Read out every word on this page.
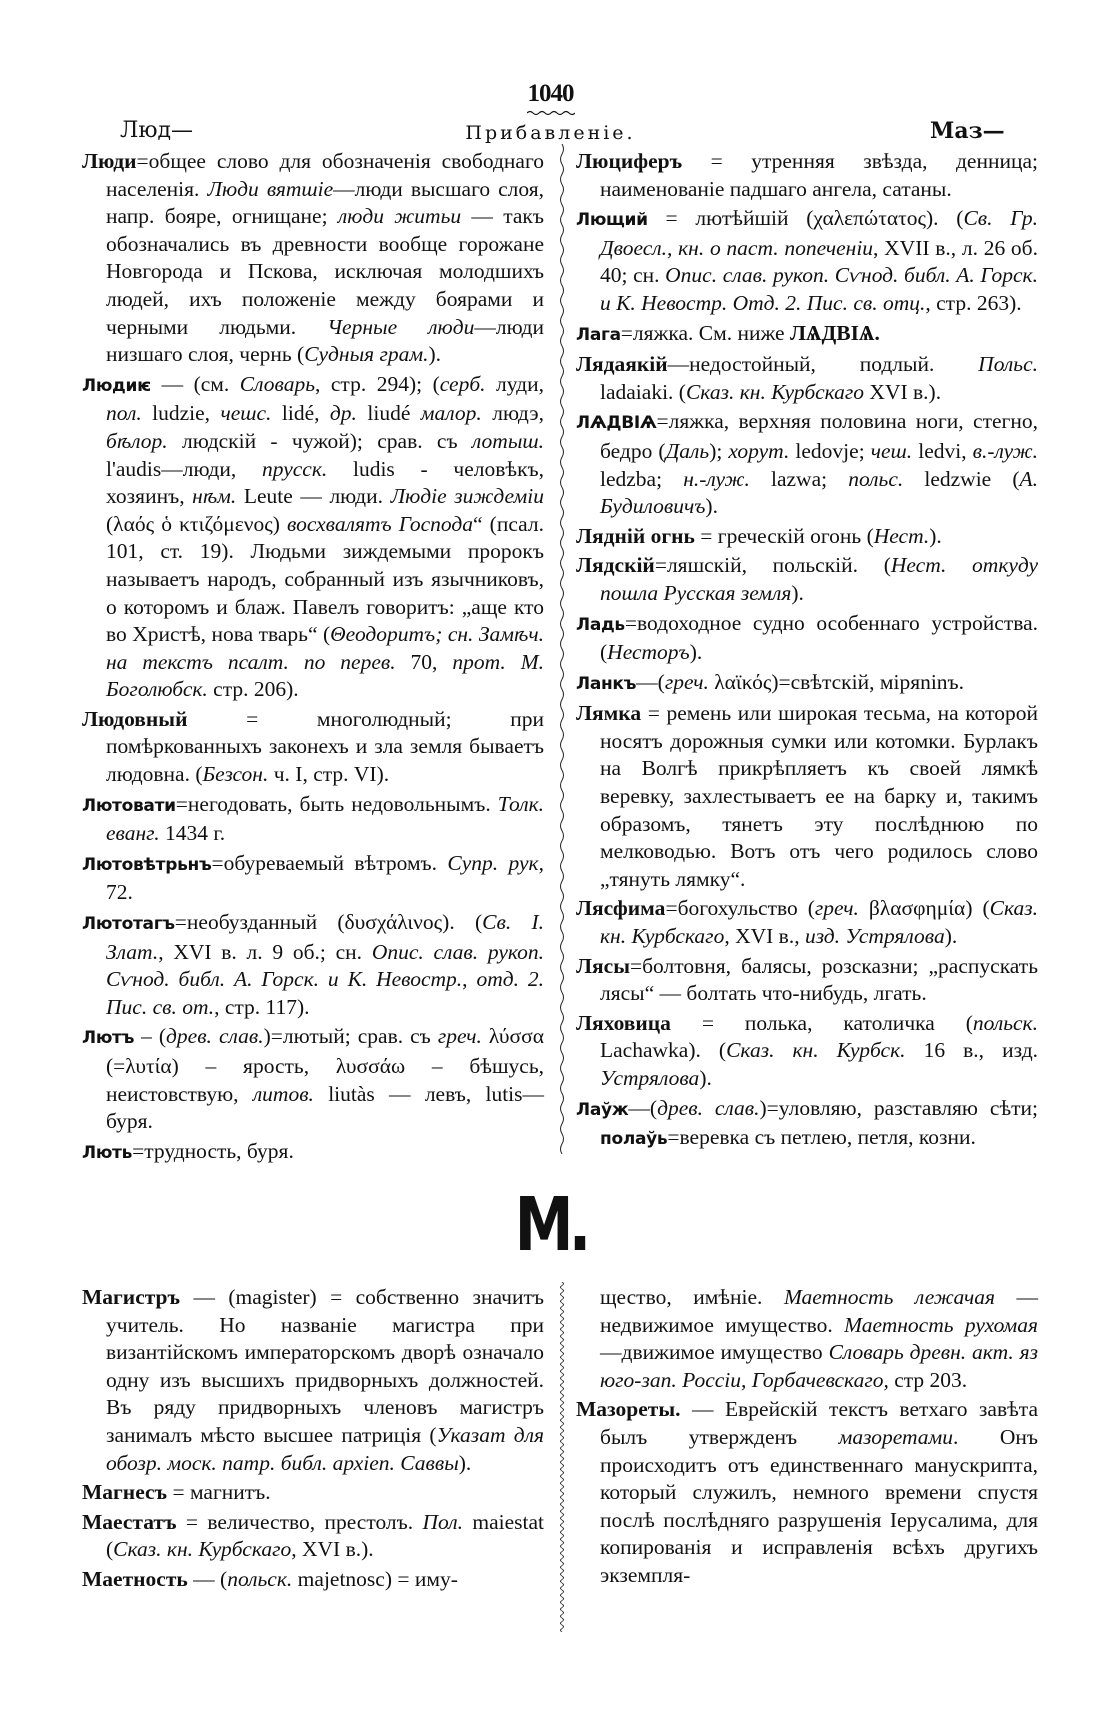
1040
Люд—	Прибавленіе.	Маз—

Люди=общее слово для обозначенія свободнаго населенія. Люди вятшіе—люди высшаго слоя, напр. бояре, огнищане; люди житьи — такъ обозначались въ древности вообще горожане Новгорода и Пскова, исключая молодшихъ людей, ихъ положеніе между боярами и черными людьми. Черные люди—люди низшаго слоя, чернь (Судныя грам.).

Людиѥ — (см. Словарь, стр. 294); (серб. луди, пол. ludzie, чешс. lidé, др. liudé малор. людэ, бѣлор. людскій - чужой); срав. съ лотыш. l'audis—люди, прусск. ludis - человѣкъ, хозяинъ, нѣм. Leute — люди. Людіе зиждеміи (λαός ὁ κτιζόμενος) восхвалятъ Господа“ (псал. 101, ст. 19). Людьми зиждемыми пророкъ называетъ народъ, собранный изъ язычниковъ, о которомъ и блаж. Павелъ говоритъ: „аще кто во Христѣ, нова тварь“ (Θеодоритъ; сн. Замѣч. на текстъ псалт. по перев. 70, прот. М. Боголюбск. стр. 206).

Людовный = многолюдный; при помѣркованныхъ законехъ и зла земля бываетъ людовна. (Безсон. ч. I, стр. VI).

Лютовати=негодовать, быть недовольнымъ. Толк. еванг. 1434 г.

Лютовѣтрьнъ=обуреваемый вѣтромъ. Супр. рук, 72.

Лютотагъ=необузданный (δυσχάλινος). (Св. I. Злат., XVI в. л. 9 об.; сн. Опис. слав. рукоп. Сѵнод. библ. А. Горск. и К. Невостр., отд. 2. Пис. св. от., стр. 117).

Лютъ – (древ. слав.)=лютый; срав. съ греч. λύσσα (=λυτία) – ярость, λυσσάω – бѣшусь, неистовствую, литов. liutàs — левъ, lutis—буря.

Лють=трудность, буря.

Люциферъ = утренняя звѣзда, денница; наименованіе падшаго ангела, сатаны.

Лющий = лютѣйшій (χαλεπώτατος). (Св. Гр. Двоесл., кн. о паст. попеченіи, XVII в., л. 26 об. 40; сн. Опис. слав. рукоп. Сѵнод. библ. А. Горск. и К. Невостр. Отд. 2. Пис. св. отц., стр. 263).

Лага=ляжка. См. ниже ЛѦДВІѦ.

Лядаякій—недостойный, подлый. Польс. ladaiaki. (Сказ. кн. Курбскаго XVI в.).

ЛѦДВІѦ=ляжка, верхняя половина ноги, стегно, бедро (Даль); хорут. ledovje; чеш. ledvi, в.-луж. ledzba; н.-луж. lazwa; польс. ledzwie (А. Будиловичъ).

Лядній огнь = греческій огонь (Нест.).

Лядскій=ляшскій, польскій. (Нест. откуду пошла Русская земля).

Ладь=водоходное судно особеннаго устройства. (Несторъ).

Ланкъ—(греч. λαϊκός)=свѣтскій, міряninъ.

Лямка = ремень или широкая тесьма, на которой носятъ дорожныя сумки или котомки. Бурлакъ на Волгѣ прикрѣпляетъ къ своей лямкѣ веревку, захлестываетъ ее на барку и, такимъ образомъ, тянетъ эту послѣднюю по мелководью. Вотъ отъ чего родилось слово „тянуть лямку“.

Лясфима=богохульство (греч. βλασφημία) (Сказ. кн. Курбскаго, XVI в., изд. Устрялова).

Лясы=болтовня, балясы, розсказни; „распускать лясы“ — болтать что-нибудь, лгать.

Ляховица = полька, католичка (польск. Lachawka). (Сказ. кн. Курбск. 16 в., изд. Устрялова).

Лаўж—(древ. слав.)=уловляю, разставляю сѣти; полаўь=веревка съ петлею, петля, козни.

М.

Магистръ — (magister) = собственно значитъ учитель. Но названіе магистра при византійскомъ императорскомъ дворѣ означало одну изъ высшихъ придворныхъ должностей. Въ ряду придворныхъ членовъ магистръ занималъ мѣсто высшее патриція (Указат для обозр. моск. патр. библ. архіеп. Саввы).

Магнесъ = магнитъ.

Маестатъ = величество, престолъ. Пол. maiestat (Сказ. кн. Курбскаго, XVI в.).

Маетность — (польск. majetnosc) = иму-

щество, имѣніе. Маетность лежачая — недвижимое имущество. Маетность рухомая —движимое имущество Словарь древн. акт. яз юго-зап. Россіи, Горбачевскаго, стр 203.

Мазореты. — Еврейскій текстъ ветхаго завѣта былъ утвержденъ мазоретами. Онъ происходитъ отъ единственнаго манускрипта, который служилъ, немного времени спустя послѣ послѣдняго разрушенія Іерусалима, для копированія и исправленія всѣхъ другихъ экземпля-
